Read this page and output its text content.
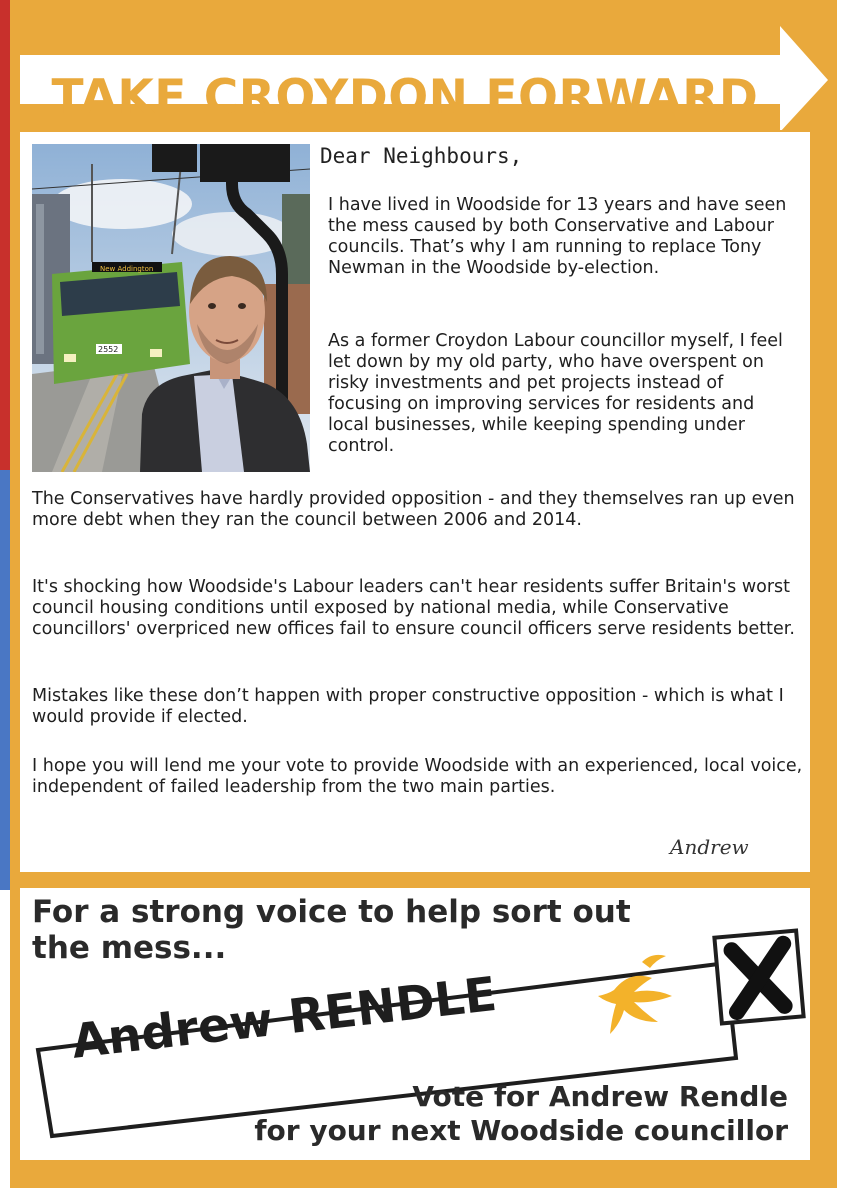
TAKE CROYDON FORWARD
New Addington
2552
Dear Neighbours,

I have lived in Woodside for 13 years and have seen the mess caused by both Conservative and Labour councils. That’s why I am running to replace Tony Newman in the Woodside by-election.

As a former Croydon Labour councillor myself, I feel let down by my old party, who have overspent on risky investments and pet projects instead of focusing on improving services for residents and local businesses, while keeping spending under control.

The Conservatives have hardly provided opposition - and they themselves ran up even more debt when they ran the council between 2006 and 2014.

It's shocking how Woodside's Labour leaders can't hear residents suffer Britain's worst council housing conditions until exposed by national media, while Conservative councillors' overpriced new offices fail to ensure council officers serve residents better.

Mistakes like these don’t happen with proper constructive opposition - which is what I would provide if elected.

I hope you will lend me your vote to provide Woodside with an experienced, local voice, independent of failed leadership from the two main parties.

Andrew

For a strong voice to help sort out the mess...

Andrew RENDLE

Vote for Andrew Rendle
for your next Woodside councillor
